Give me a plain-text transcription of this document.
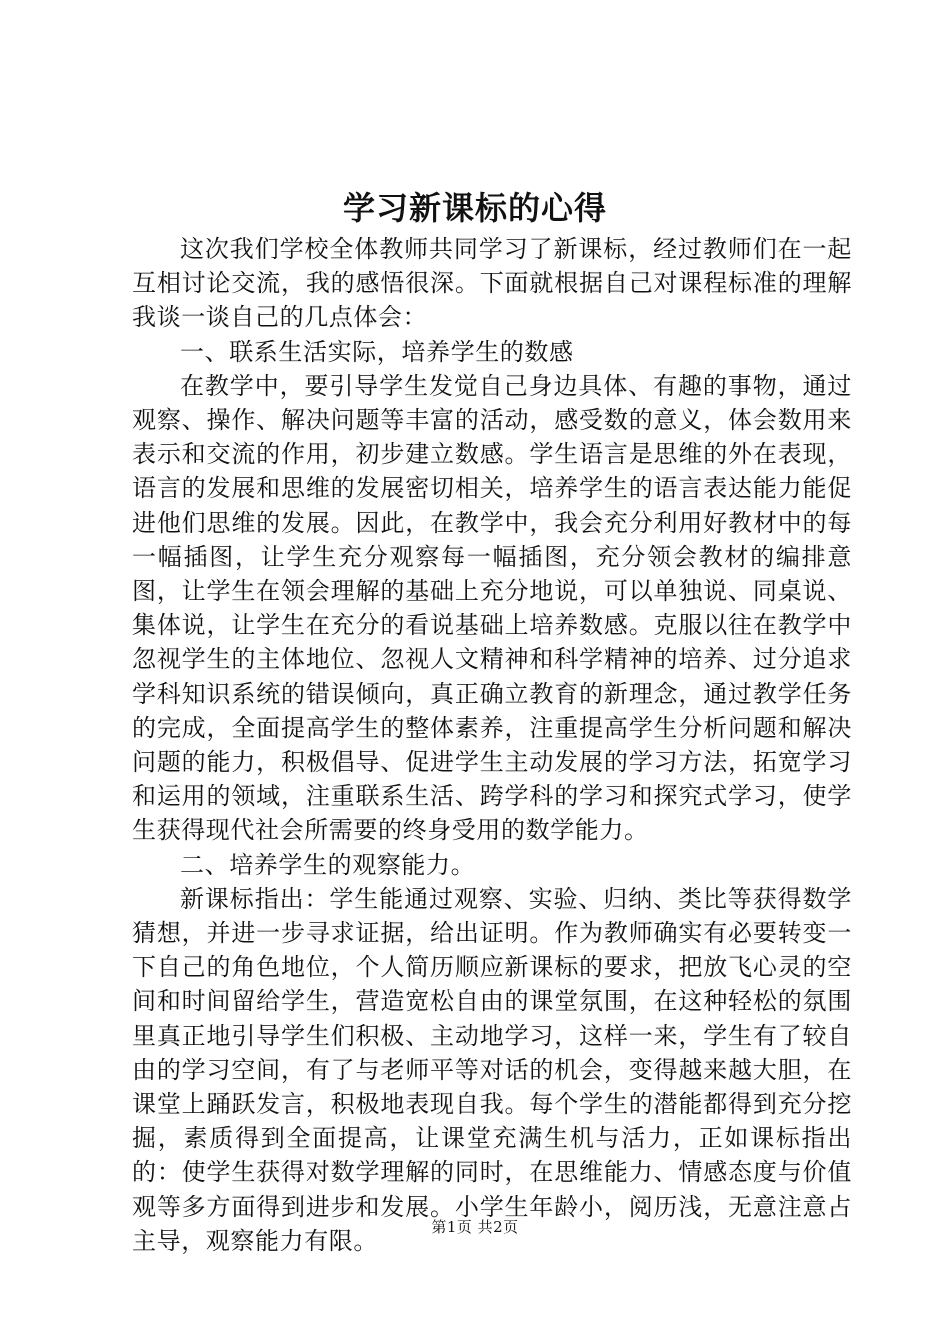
学习新课标的心得

这次我们学校全体教师共同学习了新课标，经过教师们在一起互相讨论交流，我的感悟很深。下面就根据自己对课程标准的理解我谈一谈自己的几点体会：

一、联系生活实际，培养学生的数感

在教学中，要引导学生发觉自己身边具体、有趣的事物，通过观察、操作、解决问题等丰富的活动，感受数的意义，体会数用来表示和交流的作用，初步建立数感。学生语言是思维的外在表现，语言的发展和思维的发展密切相关，培养学生的语言表达能力能促进他们思维的发展。因此，在教学中，我会充分利用好教材中的每一幅插图，让学生充分观察每一幅插图，充分领会教材的编排意图，让学生在领会理解的基础上充分地说，可以单独说、同桌说、集体说，让学生在充分的看说基础上培养数感。克服以往在教学中忽视学生的主体地位、忽视人文精神和科学精神的培养、过分追求学科知识系统的错误倾向，真正确立教育的新理念，通过教学任务的完成，全面提高学生的整体素养，注重提高学生分析问题和解决问题的能力，积极倡导、促进学生主动发展的学习方法，拓宽学习和运用的领域，注重联系生活、跨学科的学习和探究式学习，使学生获得现代社会所需要的终身受用的数学能力。

二、培养学生的观察能力。

新课标指出：学生能通过观察、实验、归纳、类比等获得数学猜想，并进一步寻求证据，给出证明。作为教师确实有必要转变一下自己的角色地位，个人简历顺应新课标的要求，把放飞心灵的空间和时间留给学生，营造宽松自由的课堂氛围，在这种轻松的氛围里真正地引导学生们积极、主动地学习，这样一来，学生有了较自由的学习空间，有了与老师平等对话的机会，变得越来越大胆，在课堂上踊跃发言，积极地表现自我。每个学生的潜能都得到充分挖掘，素质得到全面提高，让课堂充满生机与活力，正如课标指出的：使学生获得对数学理解的同时，在思维能力、情感态度与价值观等多方面得到进步和发展。小学生年龄小，阅历浅，无意注意占主导，观察能力有限。	第1页 共2页
